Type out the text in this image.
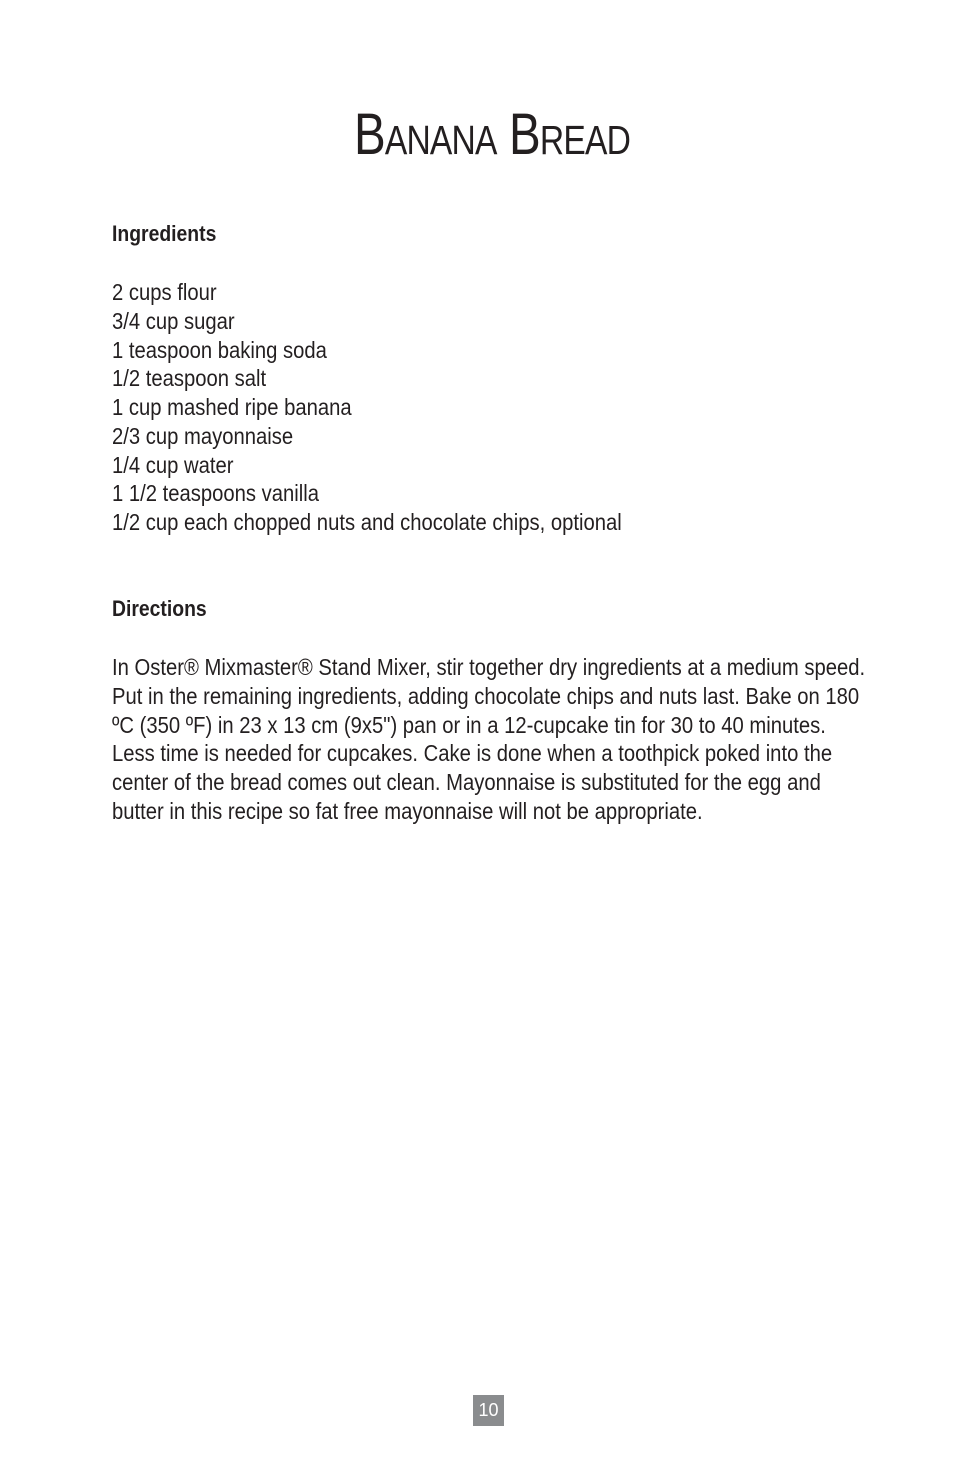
Banana Bread
Ingredients
2 cups flour
3/4 cup sugar
1 teaspoon baking soda
1/2 teaspoon salt
1 cup mashed ripe banana
2/3 cup mayonnaise
1/4 cup water
1 1/2 teaspoons vanilla
1/2 cup each chopped nuts and chocolate chips, optional
Directions

In Oster® Mixmaster® Stand Mixer, stir together dry ingredients at a medium speed. Put in the remaining ingredients, adding chocolate chips and nuts last. Bake on 180 ºC (350 ºF) in 23 x 13 cm (9x5") pan or in a 12-cupcake tin for 30 to 40 minutes. Less time is needed for cupcakes. Cake is done when a toothpick poked into the center of the bread comes out clean. Mayonnaise is substituted for the egg and butter in this recipe so fat free mayonnaise will not be appropriate.

10
